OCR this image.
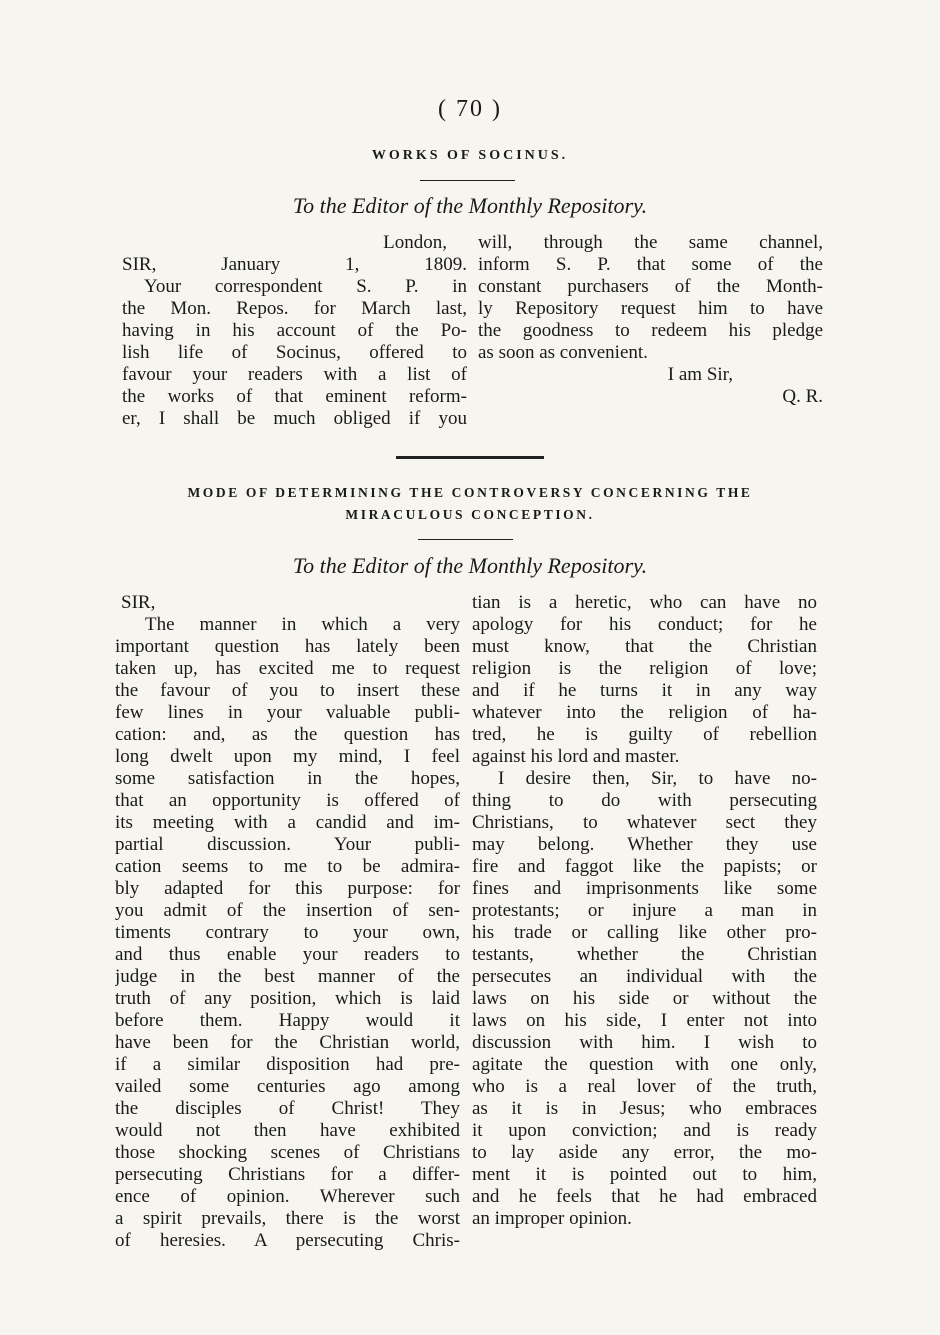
( 70 )
WORKS OF SOCINUS.
To the Editor of the Monthly Repository.
London,
SIR, January 1, 1809.
Your correspondent S. P. in
the Mon. Repos. for March last,
having in his account of the Po-
lish life of Socinus, offered to
favour your readers with a list of
the works of that eminent reform-
er, I shall be much obliged if you
will, through the same channel,
inform S. P. that some of the
constant purchasers of the Month-
ly Repository request him to have
the goodness to redeem his pledge
as soon as convenient.
I am Sir,
Q. R.
MODE OF DETERMINING THE CONTROVERSY CONCERNING THE
MIRACULOUS CONCEPTION.
To the Editor of the Monthly Repository.
SIR,
The manner in which a very
important question has lately been
taken up, has excited me to request
the favour of you to insert these
few lines in your valuable publi-
cation: and, as the question has
long dwelt upon my mind, I feel
some satisfaction in the hopes,
that an opportunity is offered of
its meeting with a candid and im-
partial discussion. Your publi-
cation seems to me to be admira-
bly adapted for this purpose: for
you admit of the insertion of sen-
timents contrary to your own,
and thus enable your readers to
judge in the best manner of the
truth of any position, which is laid
before them. Happy would it
have been for the Christian world,
if a similar disposition had pre-
vailed some centuries ago among
the disciples of Christ! They
would not then have exhibited
those shocking scenes of Christians
persecuting Christians for a differ-
ence of opinion. Wherever such
a spirit prevails, there is the worst
of heresies. A persecuting Chris-
tian is a heretic, who can have no
apology for his conduct; for he
must know, that the Christian
religion is the religion of love;
and if he turns it in any way
whatever into the religion of ha-
tred, he is guilty of rebellion
against his lord and master.
I desire then, Sir, to have no-
thing to do with persecuting
Christians, to whatever sect they
may belong. Whether they use
fire and faggot like the papists; or
fines and imprisonments like some
protestants; or injure a man in
his trade or calling like other pro-
testants, whether the Christian
persecutes an individual with the
laws on his side or without the
laws on his side, I enter not into
discussion with him. I wish to
agitate the question with one only,
who is a real lover of the truth,
as it is in Jesus; who embraces
it upon conviction; and is ready
to lay aside any error, the mo-
ment it is pointed out to him,
and he feels that he had embraced
an improper opinion.
